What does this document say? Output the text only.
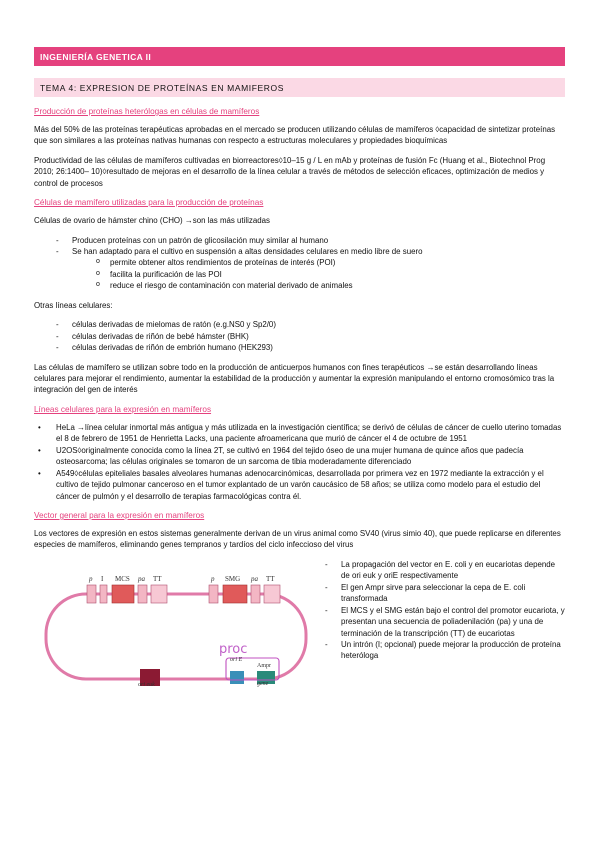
INGENIERÍA GENETICA II
TEMA 4: EXPRESION DE PROTEÍNAS EN MAMIFEROS
Producción de proteínas heterólogas en células de mamíferos

Más del 50% de las proteínas terapéuticas aprobadas en el mercado se producen utilizando células de mamíferos ◊capacidad de sintetizar proteínas que son similares a las proteínas nativas humanas con respecto a estructuras moleculares y propiedades bioquímicas

Productividad de las células de mamíferos cultivadas en biorreactores◊10–15 g / L en mAb y proteínas de fusión Fc (Huang et al., Biotechnol Prog 2010; 26:1400– 10)◊resultado de mejoras en el desarrollo de la línea celular a través de métodos de selección eficaces, optimización de medios y control de procesos

Células de mamífero utilizadas para la producción de proteínas

Células de ovario de hámster chino (CHO) →son las más utilizadas

- Producen proteínas con un patrón de glicosilación muy similar al humano
- Se han adaptado para el cultivo en suspensión a altas densidades celulares en medio libre de suero
o permite obtener altos rendimientos de proteínas de interés (POI)
o facilita la purificación de las POI
o reduce el riesgo de contaminación con material derivado de animales

Otras líneas celulares:

- células derivadas de mielomas de ratón (e.g.NS0 y Sp2/0)
- células derivadas de riñón de bebé hámster (BHK)
- células derivadas de riñón de embrión humano (HEK293)

Las células de mamífero se utilizan sobre todo en la producción de anticuerpos humanos con fines terapéuticos →se están desarrollando líneas celulares para mejorar el rendimiento, aumentar la estabilidad de la producción y aumentar la expresión manipulando el entorno cromosómico tras la integración del gen de interés

Líneas celulares para la expresión en mamíferos
• HeLa →línea celular inmortal más antigua y más utilizada en la investigación científica; se derivó de células de cáncer de cuello uterino tomadas el 8 de febrero de 1951 de Henrietta Lacks, una paciente afroamericana que murió de cáncer el 4 de octubre de 1951
• U2OS◊originalmente conocida como la línea 2T, se cultivó en 1964 del tejido óseo de una mujer humana de quince años que padecía osteosarcoma; las células originales se tomaron de un sarcoma de tibia moderadamente diferenciado
• A549◊células epiteliales basales alveolares humanas adenocarcinómicas, desarrollada por primera vez en 1972 mediante la extracción y el cultivo de tejido pulmonar canceroso en el tumor explantado de un varón caucásico de 58 años; se utiliza como modelo para el estudio del cáncer de pulmón y el desarrollo de terapias farmacológicas contra él.
Vector general para la expresión en mamíferos

Los vectores de expresión en estos sistemas generalmente derivan de un virus animal como SV40 (virus simio 40), que puede replicarse en diferentes especies de mamíferos, eliminando genes tempranos y tardíos del ciclo infeccioso del virus

p I MCS pa TT	p SMG pa TT
ori euk
ori E
Ampr
gene
proc
- La propagación del vector en E. coli y en eucariotas depende de ori euk y oriE respectivamente
- El gen Ampr sirve para seleccionar la cepa de E. coli transformada
- El MCS y el SMG están bajo el control del promotor eucariota, y presentan una secuencia de poliadenilación (pa) y una de terminación de la transcripción (TT) de eucariotas
- Un intrón (I; opcional) puede mejorar la producción de proteína heteróloga
